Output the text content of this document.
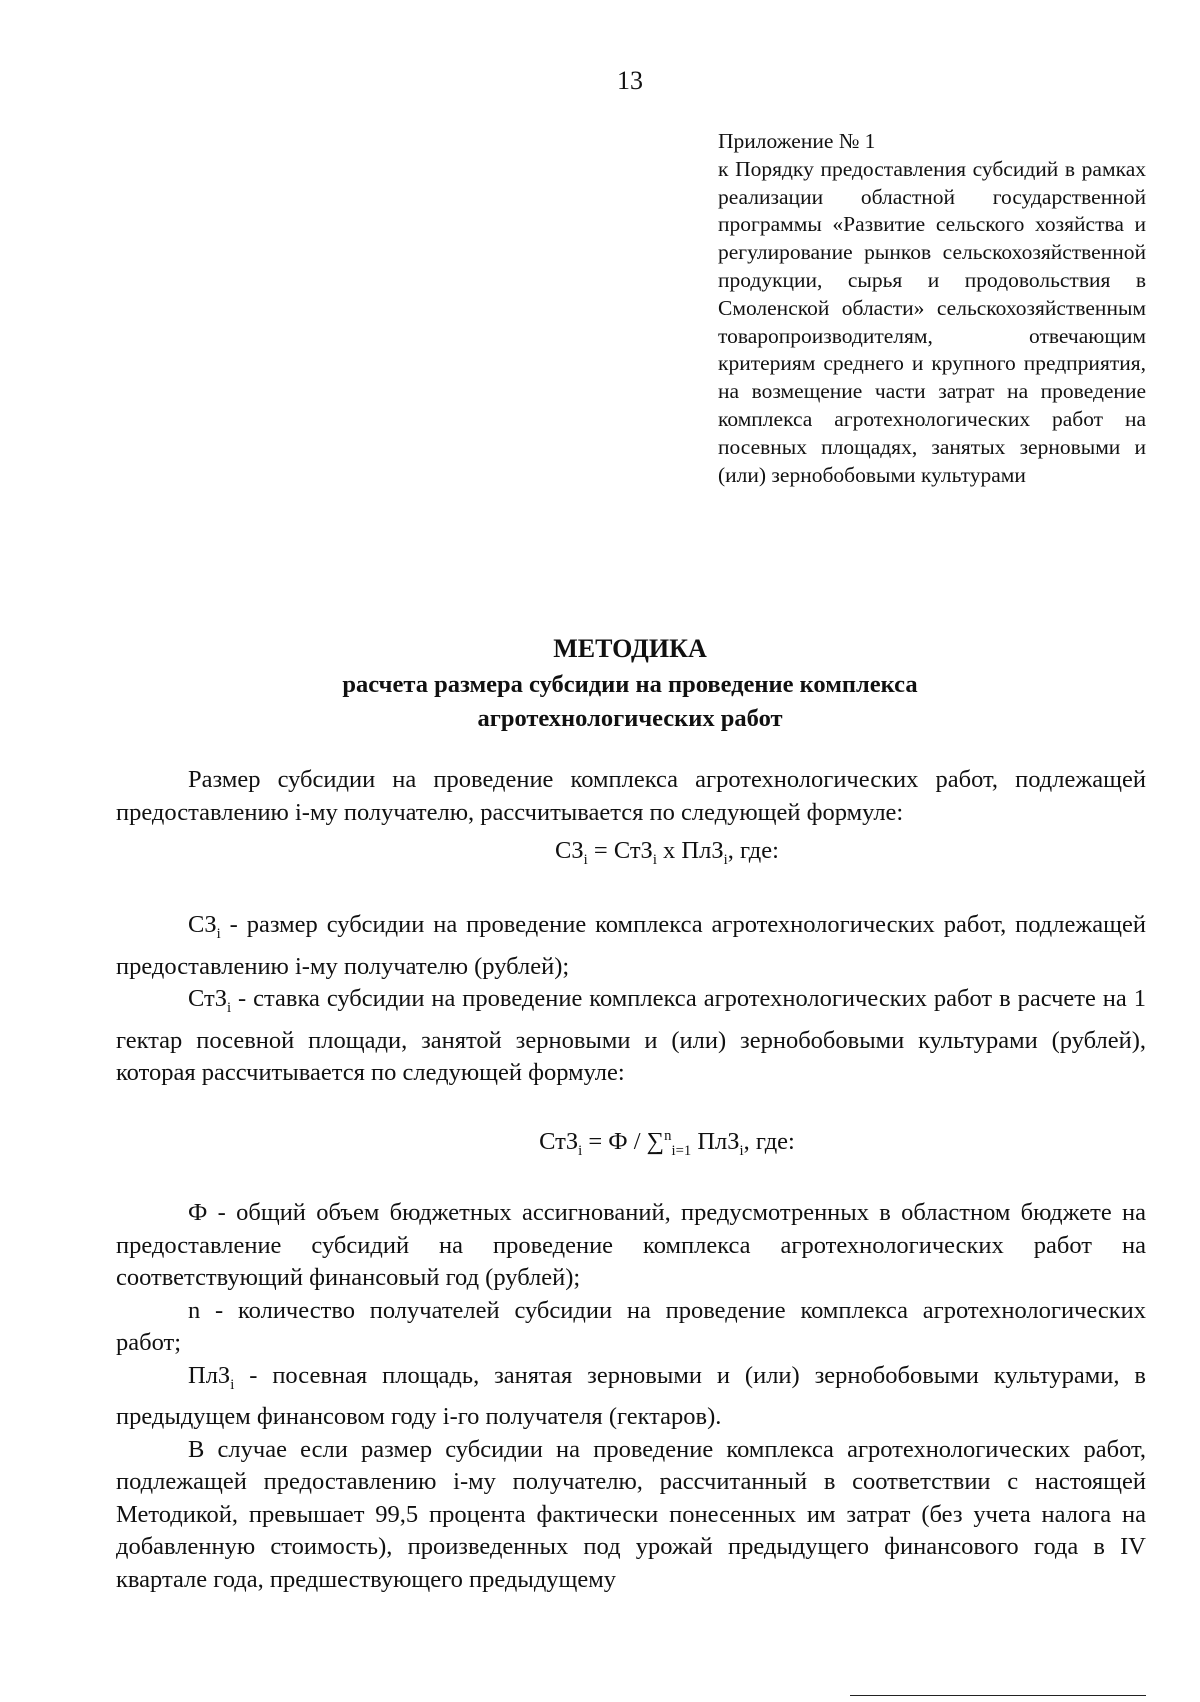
13
Приложение № 1
к Порядку предоставления субсидий в рамках реализации областной государственной программы «Развитие сельского хозяйства и регулирование рынков сельскохозяйственной продукции, сырья и продовольствия в Смоленской области» сельскохозяйственным товаропроизводителям, отвечающим критериям среднего и крупного предприятия, на возмещение части затрат на проведение комплекса агротехнологических работ на посевных площадях, занятых зерновыми и (или) зернобобовыми культурами
МЕТОДИКА
расчета размера субсидии на проведение комплекса
агротехнологических работ

Размер субсидии на проведение комплекса агротехнологических работ, подлежащей предоставлению i-му получателю, рассчитывается по следующей формуле:

$СЗ_i = СтЗ_i$ х ПлЗ$_i$, где:

$СЗ_i$ - размер субсидии на проведение комплекса агротехнологических работ, подлежащей предоставлению i-му получателю (рублей);

СтЗ$_i$ - ставка субсидии на проведение комплекса агротехнологических работ в расчете на 1 гектар посевной площади, занятой зерновыми и (или) зернобобовыми культурами (рублей), которая рассчитывается по следующей формуле:

СтЗ$_i$ = Ф / ∑$^n_{i=1}$ ПлЗ$_i$, где:

Ф - общий объем бюджетных ассигнований, предусмотренных в областном бюджете на предоставление субсидий на проведение комплекса агротехнологических работ на соответствующий финансовый год (рублей);

n - количество получателей субсидии на проведение комплекса агротехнологических работ;

ПлЗ$_i$ - посевная площадь, занятая зерновыми и (или) зернобобовыми культурами, в предыдущем финансовом году i-го получателя (гектаров).

В случае если размер субсидии на проведение комплекса агротехнологических работ, подлежащей предоставлению i-му получателю, рассчитанный в соответствии с настоящей Методикой, превышает 99,5 процента фактически понесенных им затрат (без учета налога на добавленную стоимость), произведенных под урожай предыдущего финансового года в IV квартале года, предшествующего предыдущему
